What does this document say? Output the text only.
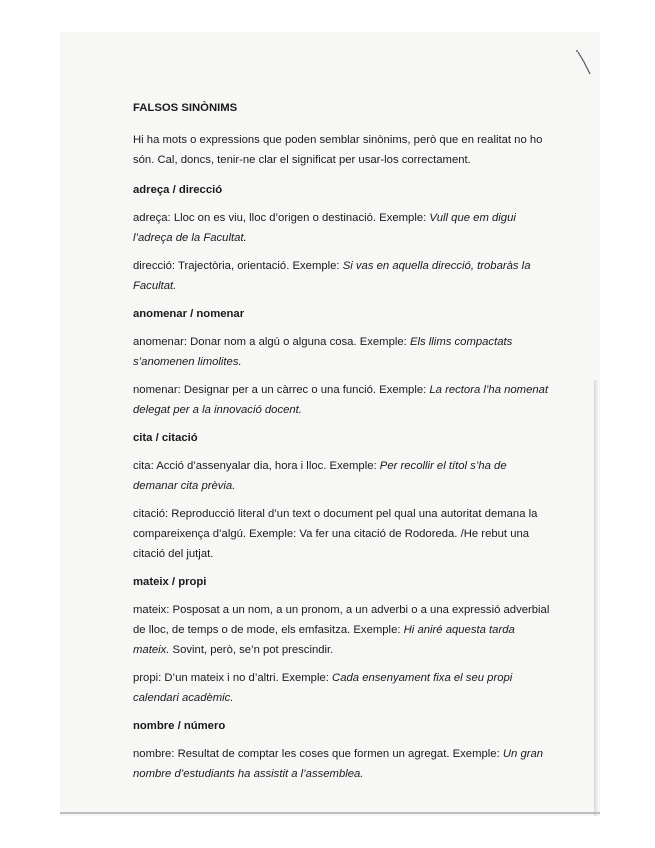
FALSOS SINÒNIMS

Hi ha mots o expressions que poden semblar sinònims, però que en realitat no ho són. Cal, doncs, tenir-ne clar el significat per usar-los correctament.

adreça / direcció

adreça: Lloc on es viu, lloc d’origen o destinació. Exemple: Vull que em digui l’adreça de la Facultat.

direcció: Trajectòria, orientació. Exemple: Si vas en aquella direcció, trobaràs la Facultat.

anomenar / nomenar

anomenar: Donar nom a algú o alguna cosa. Exemple: Els llims compactats s’anomenen limolites.

nomenar: Designar per a un càrrec o una funció. Exemple: La rectora l’ha nomenat delegat per a la innovació docent.

cita / citació

cita: Acció d’assenyalar dia, hora i lloc. Exemple: Per recollir el títol s’ha de demanar cita prèvia.

citació: Reproducció literal d’un text o document pel qual una autoritat demana la compareixença d’algú. Exemple: Va fer una citació de Rodoreda. /He rebut una citació del jutjat.

mateix / propi

mateix: Posposat a un nom, a un pronom, a un adverbi o a una expressió adverbial de lloc, de temps o de mode, els emfasitza. Exemple: Hi aniré aquesta tarda mateix. Sovint, però, se’n pot prescindir.

propi: D’un mateix i no d’altri. Exemple: Cada ensenyament fixa el seu propi calendari acadèmic.

nombre / número

nombre: Resultat de comptar les coses que formen un agregat. Exemple: Un gran nombre d’estudiants ha assistit a l’assemblea.
